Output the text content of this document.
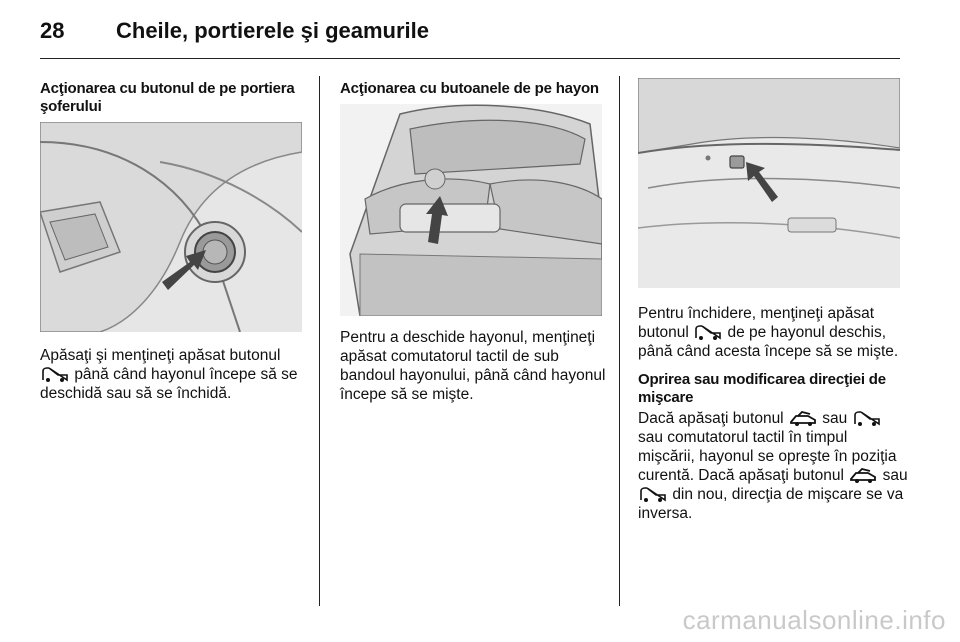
28 Cheile, portierele şi geamurile

Acţionarea cu butonul de pe portiera şoferului

Apăsaţi şi menţineţi apăsat butonul
până când hayonul începe să se deschidă sau să se închidă.

Acţionarea cu butoanele de pe hayon

Pentru a deschide hayonul, menţineţi apăsat comutatorul tactil de sub bandoul hayonului, până când hayonul începe să se mişte.

Pentru închidere, menţineţi apăsat butonul de pe hayonul deschis, până când acesta începe să se mişte.

Oprirea sau modificarea direcţiei de mişcare

Dacă apăsaţi butonul sau  sau comutatorul tactil în timpul mişcării, hayonul se opreşte în poziţia curentă. Dacă apăsaţi butonul sau  din nou, direcţia de mişcare se va inversa.

carmanualsonline.info
